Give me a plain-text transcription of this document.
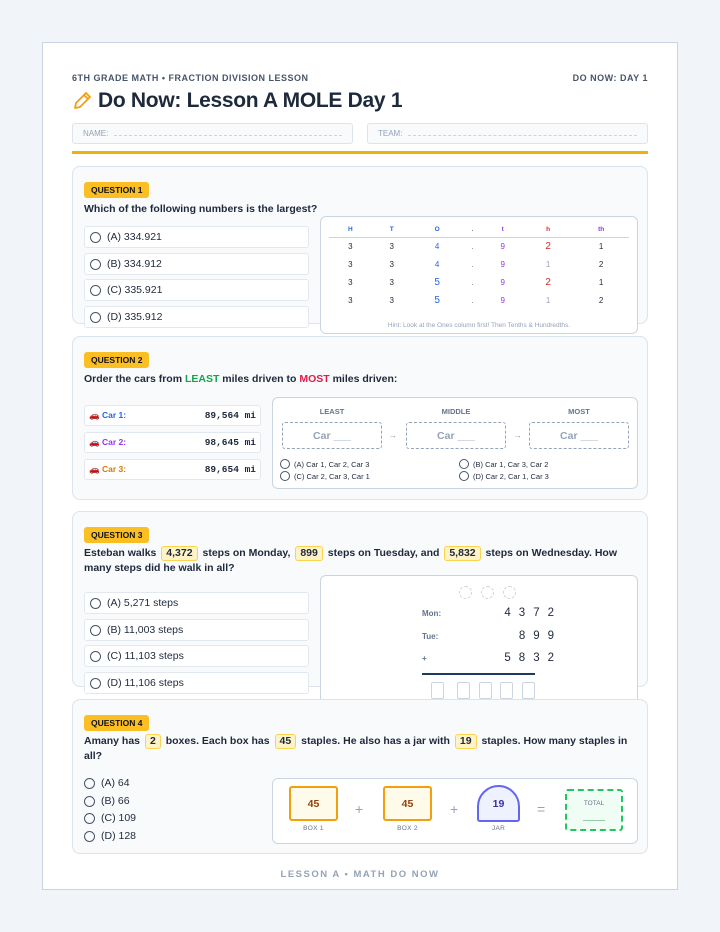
6TH GRADE MATH • FRACTION DIVISION LESSON	DO NOW: DAY 1
Do Now: Lesson A MOLE Day 1
NAME:	TEAM:
QUESTION 1
Which of the following numbers is the largest?
(A) 334.921
(B) 334.912
(C) 335.921
(D) 335.912
H	T	O	.	t	h	th
3	3	4	.	9	2	1
3	3	4	.	9	1	2
3	3	5	.	9	2	1
3	3	5	.	9	1	2
Hint: Look at the Ones column first! Then Tenths & Hundredths.
QUESTION 2
Order the cars from LEAST miles driven to MOST miles driven:
🚗 Car 1:	89,564 mi
🚗 Car 2:	98,645 mi
🚗 Car 3:	89,654 mi
LEAST	MIDDLE	MOST
Car ___	→	Car ___	→	Car ___
(A) Car 1, Car 2, Car 3	(B) Car 1, Car 3, Car 2
(C) Car 2, Car 3, Car 1	(D) Car 2, Car 1, Car 3
QUESTION 3
Esteban walks 4,372 steps on Monday, 899 steps on Tuesday, and 5,832 steps on Wednesday. How
many steps did he walk in all?
(A) 5,271 steps
(B) 11,003 steps
(C) 11,103 steps
(D) 11,106 steps
Mon:	4372
Tue:	899
+	5832
QUESTION 4
Amany has 2 boxes. Each box has 45 staples. He also has a jar with 19 staples. How many staples in
all?
(A) 64
(B) 66
(C) 109
(D) 128
45
BOX 1
+	45
BOX 2
+	19
JAR
=	TOTAL
____
LESSON A • MATH DO NOW
